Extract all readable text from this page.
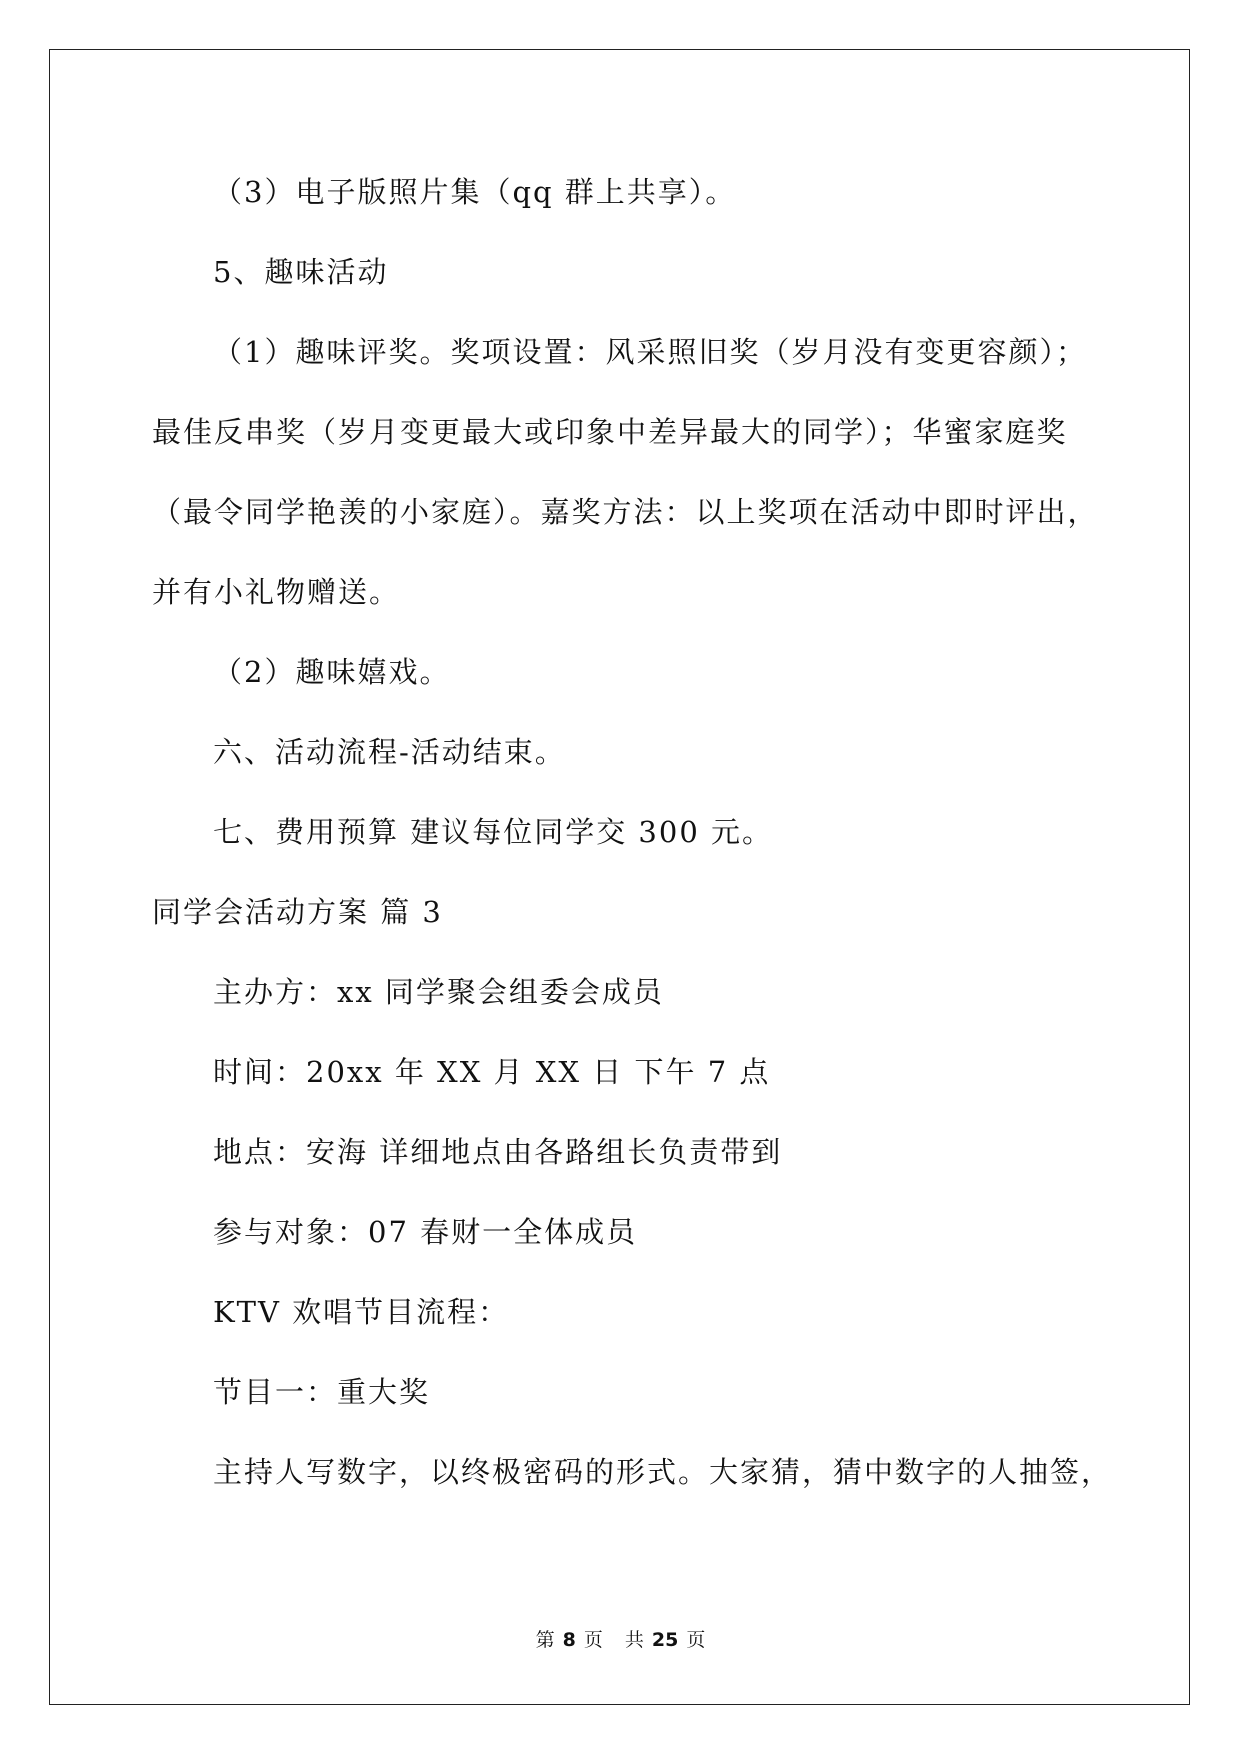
（3）电子版照片集（qq 群上共享）。
5、趣味活动
（1）趣味评奖。奖项设置：风采照旧奖（岁月没有变更容颜）；
最佳反串奖（岁月变更最大或印象中差异最大的同学）；华蜜家庭奖
（最令同学艳羡的小家庭）。嘉奖方法：以上奖项在活动中即时评出，
并有小礼物赠送。
（2）趣味嬉戏。
六、活动流程-活动结束。
七、费用预算 建议每位同学交 300 元。
同学会活动方案 篇 3
主办方：xx 同学聚会组委会成员
时间：20xx 年 XX 月 XX 日 下午 7 点
地点：安海 详细地点由各路组长负责带到
参与对象：07 春财一全体成员
KTV 欢唱节目流程：
节目一：重大奖
主持人写数字，以终极密码的形式。大家猜，猜中数字的人抽签，
第 8 页 共 25 页
